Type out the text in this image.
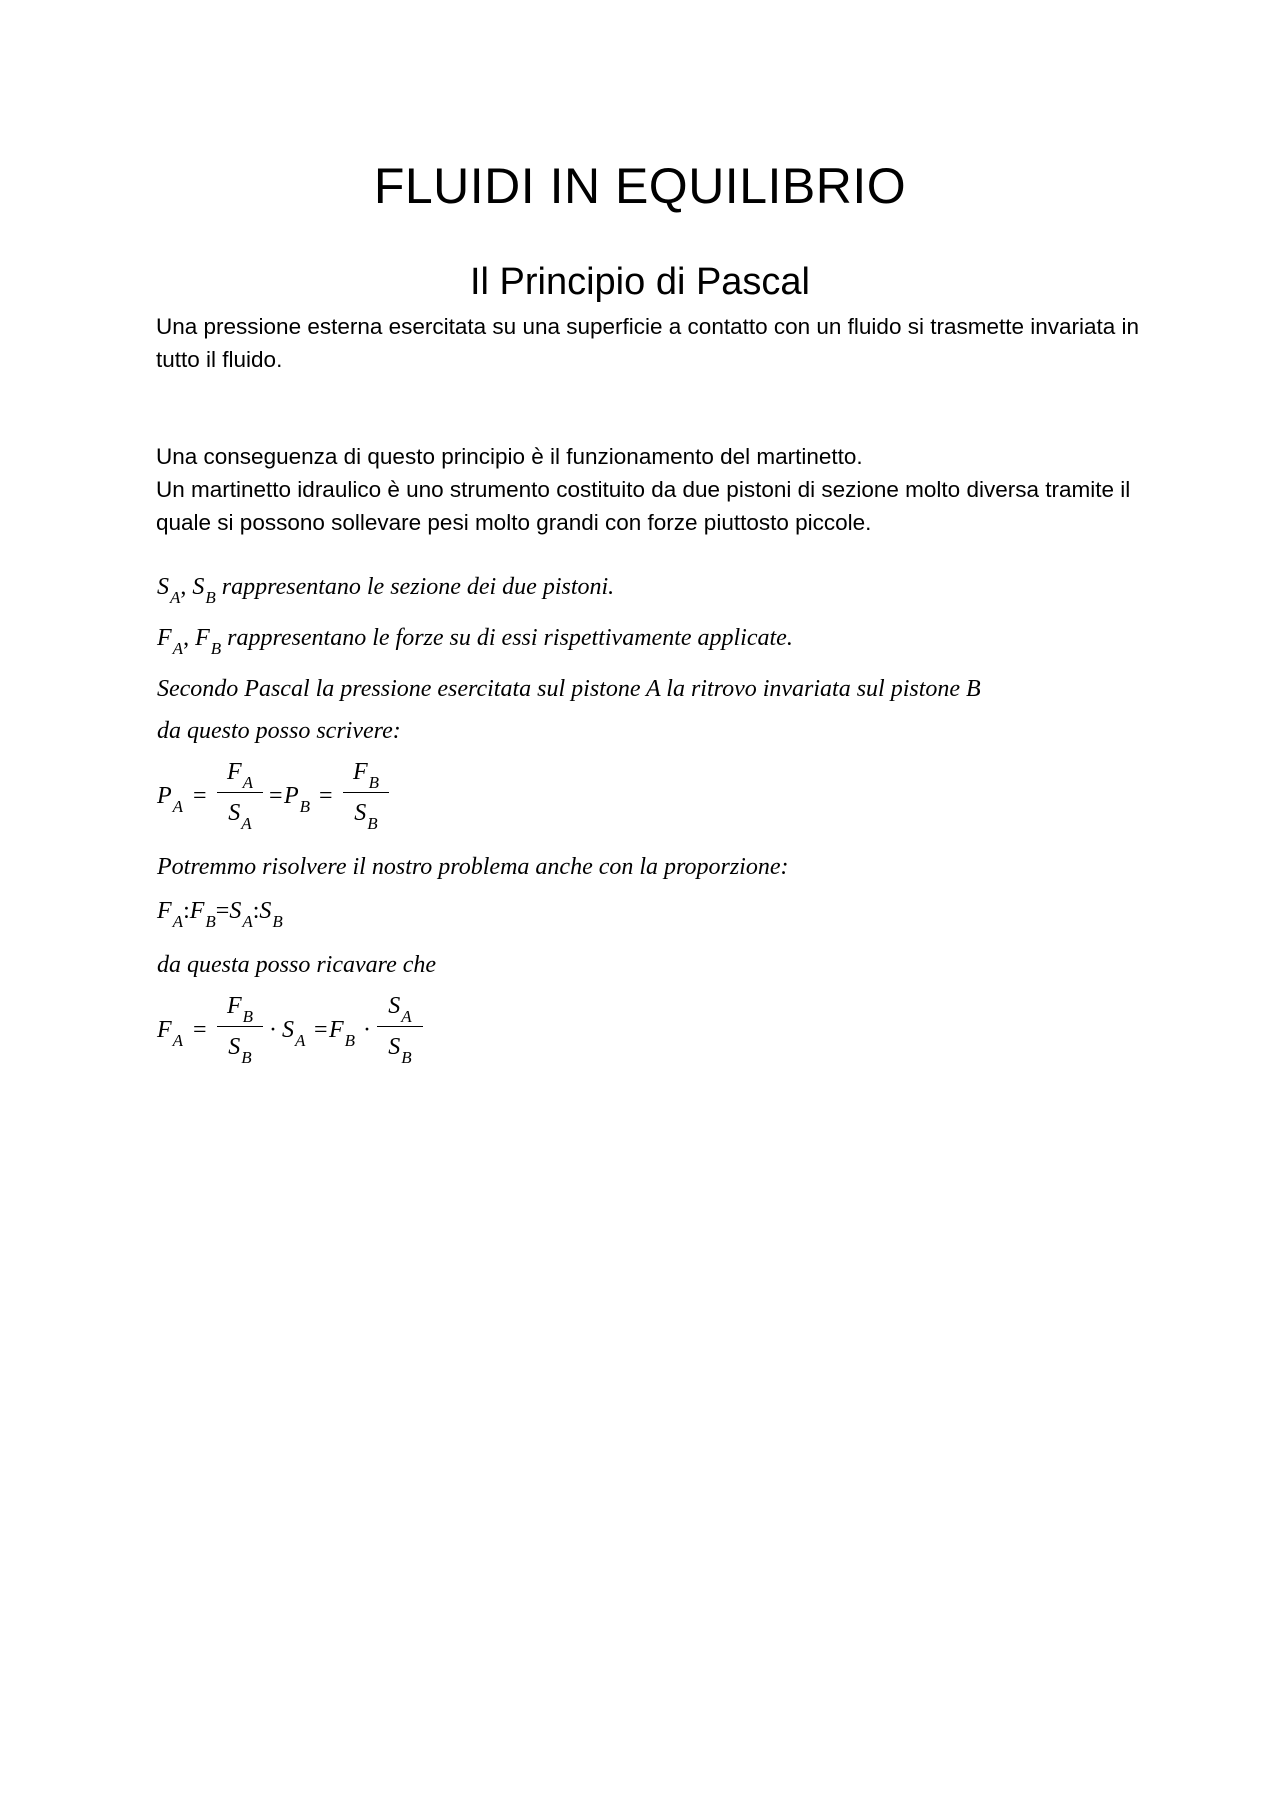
FLUIDI IN EQUILIBRIO
Il Principio di Pascal

Una pressione esterna esercitata su una superficie a contatto con un fluido si trasmette invariata in tutto il fluido.

Una conseguenza di questo principio è il funzionamento del martinetto.

Un martinetto idraulico è uno strumento costituito da due pistoni di sezione molto diversa tramite il quale si possono sollevare pesi molto grandi con forze piuttosto piccole.

$S_A$, $S_B$ rappresentano le sezione dei due pistoni.
$F_A$, $F_B$ rappresentano le forze su di essi rispettivamente applicate.
Secondo Pascal la pressione esercitata sul pistone A la ritrovo invariata sul pistone B
da questo posso scrivere:
$P_A$ =
$F_A$
$S_A$
= $P_B$ =
$F_B$
$S_B$
Potremmo risolvere il nostro problema anche con la proporzione:
$F_A:F_B=S_A:S_B$
da questa posso ricavare che
$F_A$ =
$F_B$
$S_B$
· $S_A = F_B$ ·
$S_A$
$S_B$
